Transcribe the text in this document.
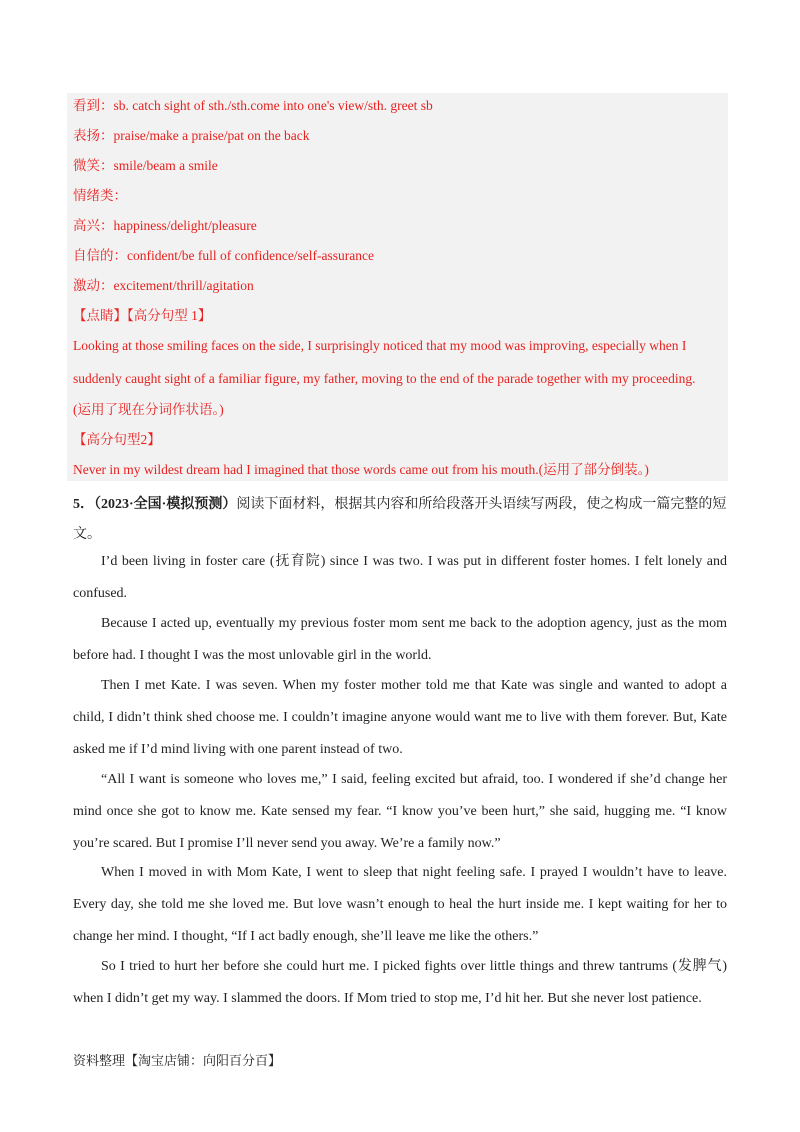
看到：sb. catch sight of sth./sth.come into one's view/sth. greet sb
表扬：praise/make a praise/pat on the back
微笑：smile/beam a smile
情绪类：
高兴：happiness/delight/pleasure
自信的：confident/be full of confidence/self-assurance
激动：excitement/thrill/agitation
【点睛】【高分句型 1】
Looking at those smiling faces on the side, I surprisingly noticed that my mood was improving, especially when I
suddenly caught sight of a familiar figure, my father, moving to the end of the parade together with my proceeding.
(运用了现在分词作状语。)
【高分句型2】
Never in my wildest dream had I imagined that those words came out from his mouth.(运用了部分倒装。)
5．（2023·全国·模拟预测）阅读下面材料，根据其内容和所给段落开头语续写两段，使之构成一篇完整的短文。

I’d been living in foster care (抚育院) since I was two. I was put in different foster homes. I felt lonely and confused.

Because I acted up, eventually my previous foster mom sent me back to the adoption agency, just as the mom before had. I thought I was the most unlovable girl in the world.

Then I met Kate. I was seven. When my foster mother told me that Kate was single and wanted to adopt a child, I didn’t think shed choose me. I couldn’t imagine anyone would want me to live with them forever. But, Kate asked me if I’d mind living with one parent instead of two.

“All I want is someone who loves me,” I said, feeling excited but afraid, too. I wondered if she’d change her mind once she got to know me. Kate sensed my fear. “I know you’ve been hurt,” she said, hugging me. “I know you’re scared. But I promise I’ll never send you away. We’re a family now.”

When I moved in with Mom Kate, I went to sleep that night feeling safe. I prayed I wouldn’t have to leave. Every day, she told me she loved me. But love wasn’t enough to heal the hurt inside me. I kept waiting for her to change her mind. I thought, “If I act badly enough, she’ll leave me like the others.”

So I tried to hurt her before she could hurt me. I picked fights over little things and threw tantrums (发脾气) when I didn’t get my way. I slammed the doors. If Mom tried to stop me, I’d hit her. But she never lost patience.

资料整理【淘宝店铺：向阳百分百】
